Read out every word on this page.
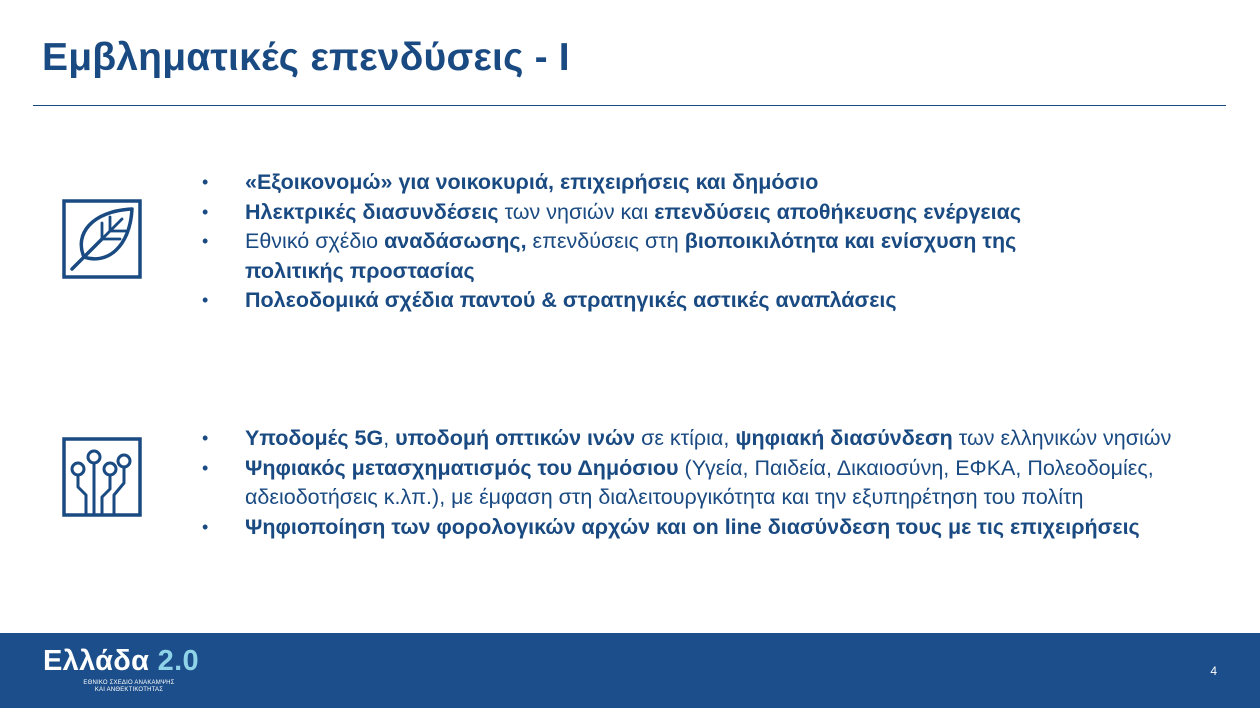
Εμβληματικές επενδύσεις - Ι
• «Εξοικονομώ» για νοικοκυριά, επιχειρήσεις και δημόσιο
• Ηλεκτρικές διασυνδέσεις των νησιών και επενδύσεις αποθήκευσης ενέργειας
• Εθνικό σχέδιο αναδάσωσης, επενδύσεις στη βιοποικιλότητα και ενίσχυση της πολιτικής προστασίας
• Πολεοδομικά σχέδια παντού & στρατηγικές αστικές αναπλάσεις
• Υποδομές 5G, υποδομή οπτικών ινών σε κτίρια, ψηφιακή διασύνδεση των ελληνικών νησιών
• Ψηφιακός μετασχηματισμός του Δημόσιου (Υγεία, Παιδεία, Δικαιοσύνη, ΕΦΚΑ, Πολεοδομίες, αδειοδοτήσεις κ.λπ.), με έμφαση στη διαλειτουργικότητα και την εξυπηρέτηση του πολίτη
• Ψηφιοποίηση των φορολογικών αρχών και on line διασύνδεση τους με τις επιχειρήσεις
Ελλάδα 2.0
ΕΘΝΙΚΟ ΣΧΕΔΙΟ ΑΝΑΚΑΜΨΗΣ
ΚΑΙ ΑΝΘΕΚΤΙΚΟΤΗΤΑΣ
4
